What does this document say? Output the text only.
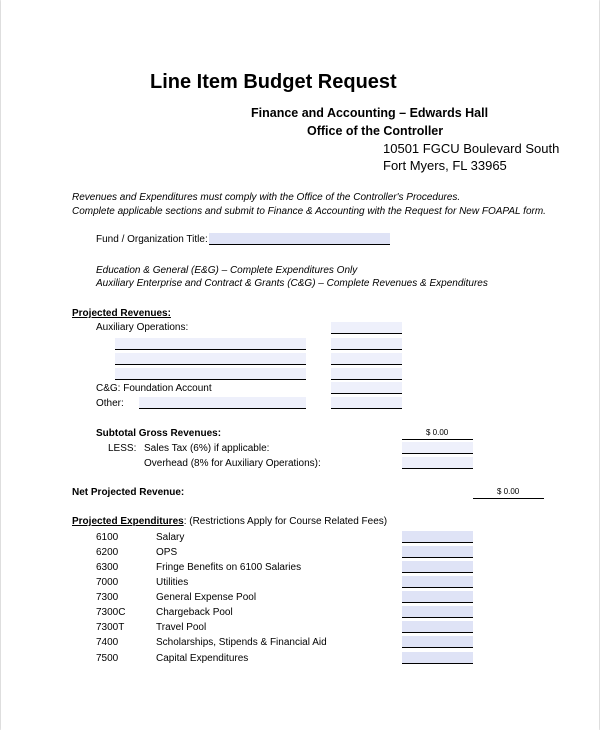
Line Item Budget Request
Finance and Accounting – Edwards Hall
Office of the Controller
10501 FGCU Boulevard South
Fort Myers, FL 33965
Revenues and Expenditures must comply with the Office of the Controller's Procedures.
Complete applicable sections and submit to Finance & Accounting with the Request for New FOAPAL form.
Fund / Organization Title:
Education & General (E&G) – Complete Expenditures Only
Auxiliary Enterprise and Contract & Grants (C&G) – Complete Revenues & Expenditures
Projected Revenues:
Auxiliary Operations:
C&G: Foundation Account
Other:
Subtotal Gross Revenues:	$ 0.00
LESS: Sales Tax (6%) if applicable:
Overhead (8% for Auxiliary Operations):
Net Projected Revenue:	$ 0.00
Projected Expenditures: (Restrictions Apply for Course Related Fees)
6100	Salary
6200	OPS
6300	Fringe Benefits on 6100 Salaries
7000	Utilities
7300	General Expense Pool
7300C	Chargeback Pool
7300T	Travel Pool
7400	Scholarships, Stipends & Financial Aid
7500	Capital Expenditures
